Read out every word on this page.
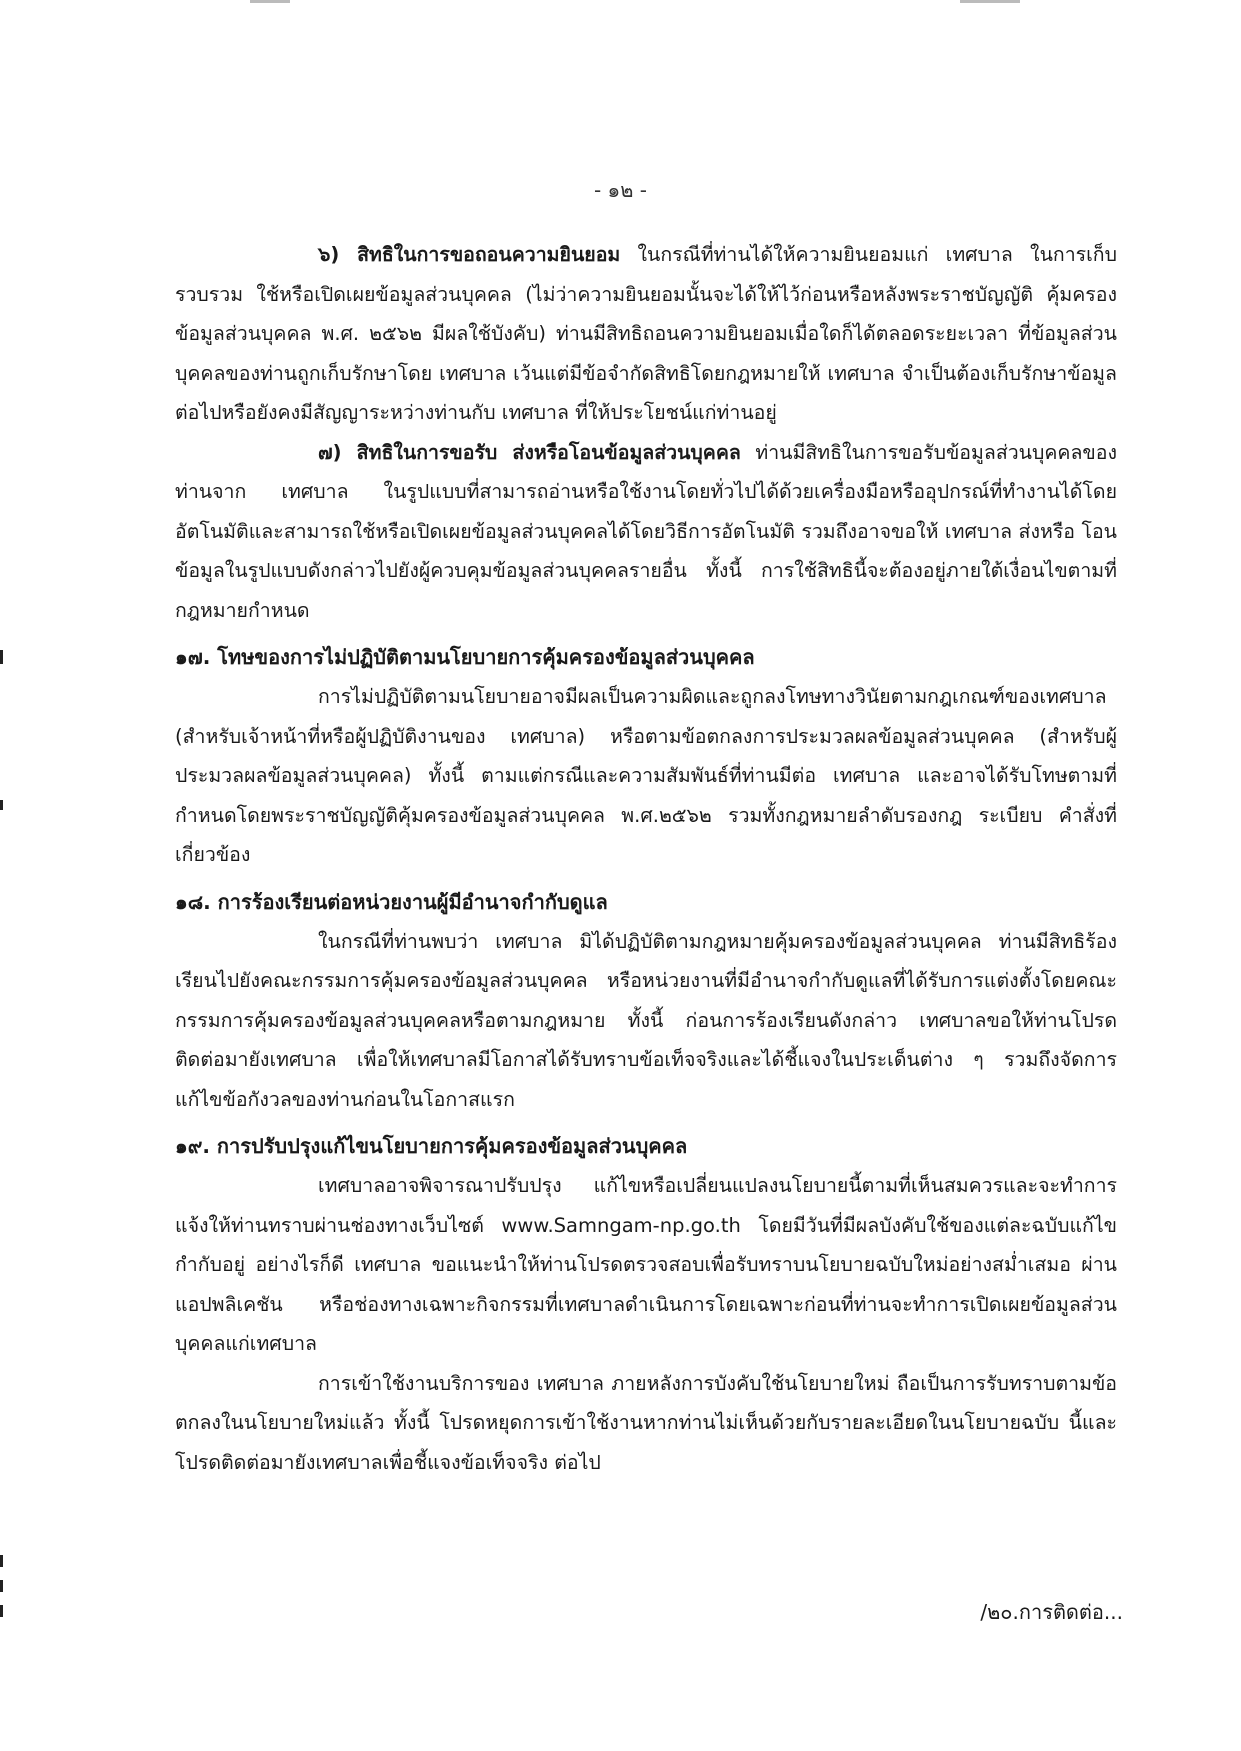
- ๑๒ -

๖) สิทธิในการขอถอนความยินยอม ในกรณีที่ท่านได้ให้ความยินยอมแก่ เทศบาล ในการเก็บรวบรวม ใช้หรือเปิดเผยข้อมูลส่วนบุคคล (ไม่ว่าความยินยอมนั้นจะได้ให้ไว้ก่อนหรือหลังพระราชบัญญัติ คุ้มครองข้อมูลส่วนบุคคล พ.ศ. ๒๕๖๒ มีผลใช้บังคับ) ท่านมีสิทธิถอนความยินยอมเมื่อใดก็ได้ตลอดระยะเวลา ที่ข้อมูลส่วนบุคคลของท่านถูกเก็บรักษาโดย เทศบาล เว้นแต่มีข้อจำกัดสิทธิโดยกฎหมายให้ เทศบาล จำเป็นต้องเก็บรักษาข้อมูลต่อไปหรือยังคงมีสัญญาระหว่างท่านกับ เทศบาล ที่ให้ประโยชน์แก่ท่านอยู่

๗) สิทธิในการขอรับ ส่งหรือโอนข้อมูลส่วนบุคคล ท่านมีสิทธิในการขอรับข้อมูลส่วนบุคคลของท่านจาก เทศบาล ในรูปแบบที่สามารถอ่านหรือใช้งานโดยทั่วไปได้ด้วยเครื่องมือหรืออุปกรณ์ที่ทำงานได้โดยอัตโนมัติและสามารถใช้หรือเปิดเผยข้อมูลส่วนบุคคลได้โดยวิธีการอัตโนมัติ รวมถึงอาจขอให้ เทศบาล ส่งหรือ โอนข้อมูลในรูปแบบดังกล่าวไปยังผู้ควบคุมข้อมูลส่วนบุคคลรายอื่น ทั้งนี้ การใช้สิทธินี้จะต้องอยู่ภายใต้เงื่อนไขตามที่กฎหมายกำหนด

๑๗. โทษของการไม่ปฏิบัติตามนโยบายการคุ้มครองข้อมูลส่วนบุคคล

การไม่ปฏิบัติตามนโยบายอาจมีผลเป็นความผิดและถูกลงโทษทางวินัยตามกฎเกณฑ์ของเทศบาล (สำหรับเจ้าหน้าที่หรือผู้ปฏิบัติงานของ เทศบาล) หรือตามข้อตกลงการประมวลผลข้อมูลส่วนบุคคล (สำหรับผู้ประมวลผลข้อมูลส่วนบุคคล) ทั้งนี้ ตามแต่กรณีและความสัมพันธ์ที่ท่านมีต่อ เทศบาล และอาจได้รับโทษตามที่กำหนดโดยพระราชบัญญัติคุ้มครองข้อมูลส่วนบุคคล พ.ศ.๒๕๖๒ รวมทั้งกฎหมายลำดับรองกฎ ระเบียบ คำสั่งที่เกี่ยวข้อง

๑๘. การร้องเรียนต่อหน่วยงานผู้มีอำนาจกำกับดูแล

ในกรณีที่ท่านพบว่า เทศบาล มิได้ปฏิบัติตามกฎหมายคุ้มครองข้อมูลส่วนบุคคล ท่านมีสิทธิร้องเรียนไปยังคณะกรรมการคุ้มครองข้อมูลส่วนบุคคล หรือหน่วยงานที่มีอำนาจกำกับดูแลที่ได้รับการแต่งตั้งโดยคณะกรรมการคุ้มครองข้อมูลส่วนบุคคลหรือตามกฎหมาย ทั้งนี้ ก่อนการร้องเรียนดังกล่าว เทศบาลขอให้ท่านโปรดติดต่อมายังเทศบาล เพื่อให้เทศบาลมีโอกาสได้รับทราบข้อเท็จจริงและได้ชี้แจงในประเด็นต่าง ๆ รวมถึงจัดการแก้ไขข้อกังวลของท่านก่อนในโอกาสแรก

๑๙. การปรับปรุงแก้ไขนโยบายการคุ้มครองข้อมูลส่วนบุคคล

เทศบาลอาจพิจารณาปรับปรุง แก้ไขหรือเปลี่ยนแปลงนโยบายนี้ตามที่เห็นสมควรและจะทำการแจ้งให้ท่านทราบผ่านช่องทางเว็บไซต์ www.Samngam-np.go.th โดยมีวันที่มีผลบังคับใช้ของแต่ละฉบับแก้ไขกำกับอยู่ อย่างไรก็ดี เทศบาล ขอแนะนำให้ท่านโปรดตรวจสอบเพื่อรับทราบนโยบายฉบับใหม่อย่างสม่ำเสมอ ผ่านแอปพลิเคชัน หรือช่องทางเฉพาะกิจกรรมที่เทศบาลดำเนินการโดยเฉพาะก่อนที่ท่านจะทำการเปิดเผยข้อมูลส่วนบุคคลแก่เทศบาล

การเข้าใช้งานบริการของ เทศบาล ภายหลังการบังคับใช้นโยบายใหม่ ถือเป็นการรับทราบตามข้อตกลงในนโยบายใหม่แล้ว ทั้งนี้ โปรดหยุดการเข้าใช้งานหากท่านไม่เห็นด้วยกับรายละเอียดในนโยบายฉบับ นี้และโปรดติดต่อมายังเทศบาลเพื่อชี้แจงข้อเท็จจริง ต่อไป

/๒๐.การติดต่อ...
